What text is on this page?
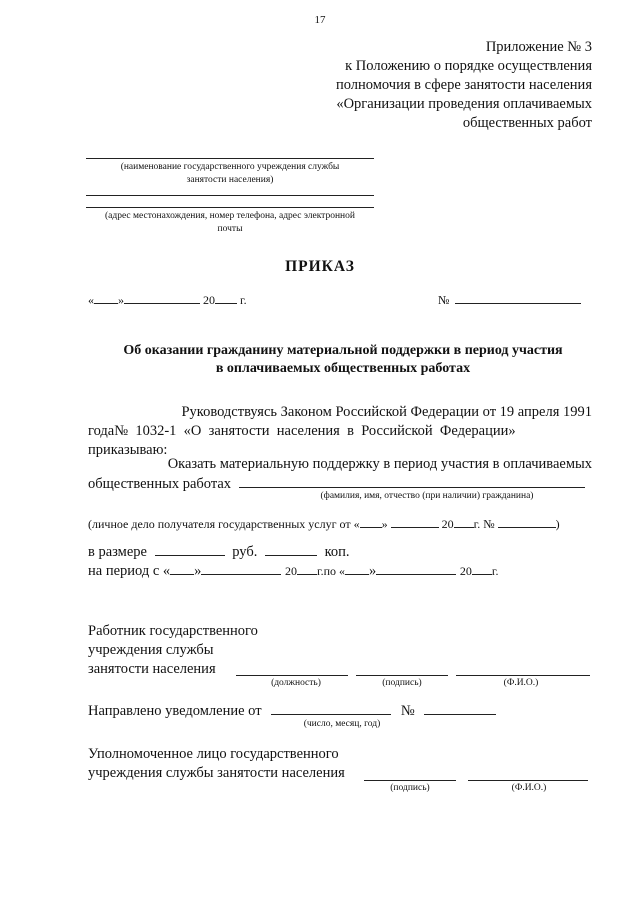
17
Приложение № 3
к Положению о порядке осуществления
полномочия в сфере занятости населения
«Организации проведения оплачиваемых
общественных работ
(наименование государственного учреждения службы
занятости населения)
(адрес местонахождения, номер телефона, адрес электронной
почты
ПРИКАЗ
« »	20 г.	№
Об оказании гражданину материальной поддержки в период участия
в оплачиваемых общественных работах
Руководствуясь Законом Российской Федерации от 19 апреля 1991
года№  1032-1  «О  занятости  населения  в  Российской  Федерации»
приказываю:
Оказать материальную поддержку в период участия в оплачиваемых
общественных работах
(фамилия, имя, отчество (при наличии) гражданина)
(личное дело получателя государственных услуг от « »	20 г. №	)
в размере	руб.	коп.
на период с « »	20 г.по « »	20 г.
Работник государственного
учреждения службы
занятости населения
(должность)	(подпись)	(Ф.И.О.)
Направлено уведомление от	№
(число, месяц, год)
Уполномоченное лицо государственного
учреждения службы занятости населения
(подпись)	(Ф.И.О.)
